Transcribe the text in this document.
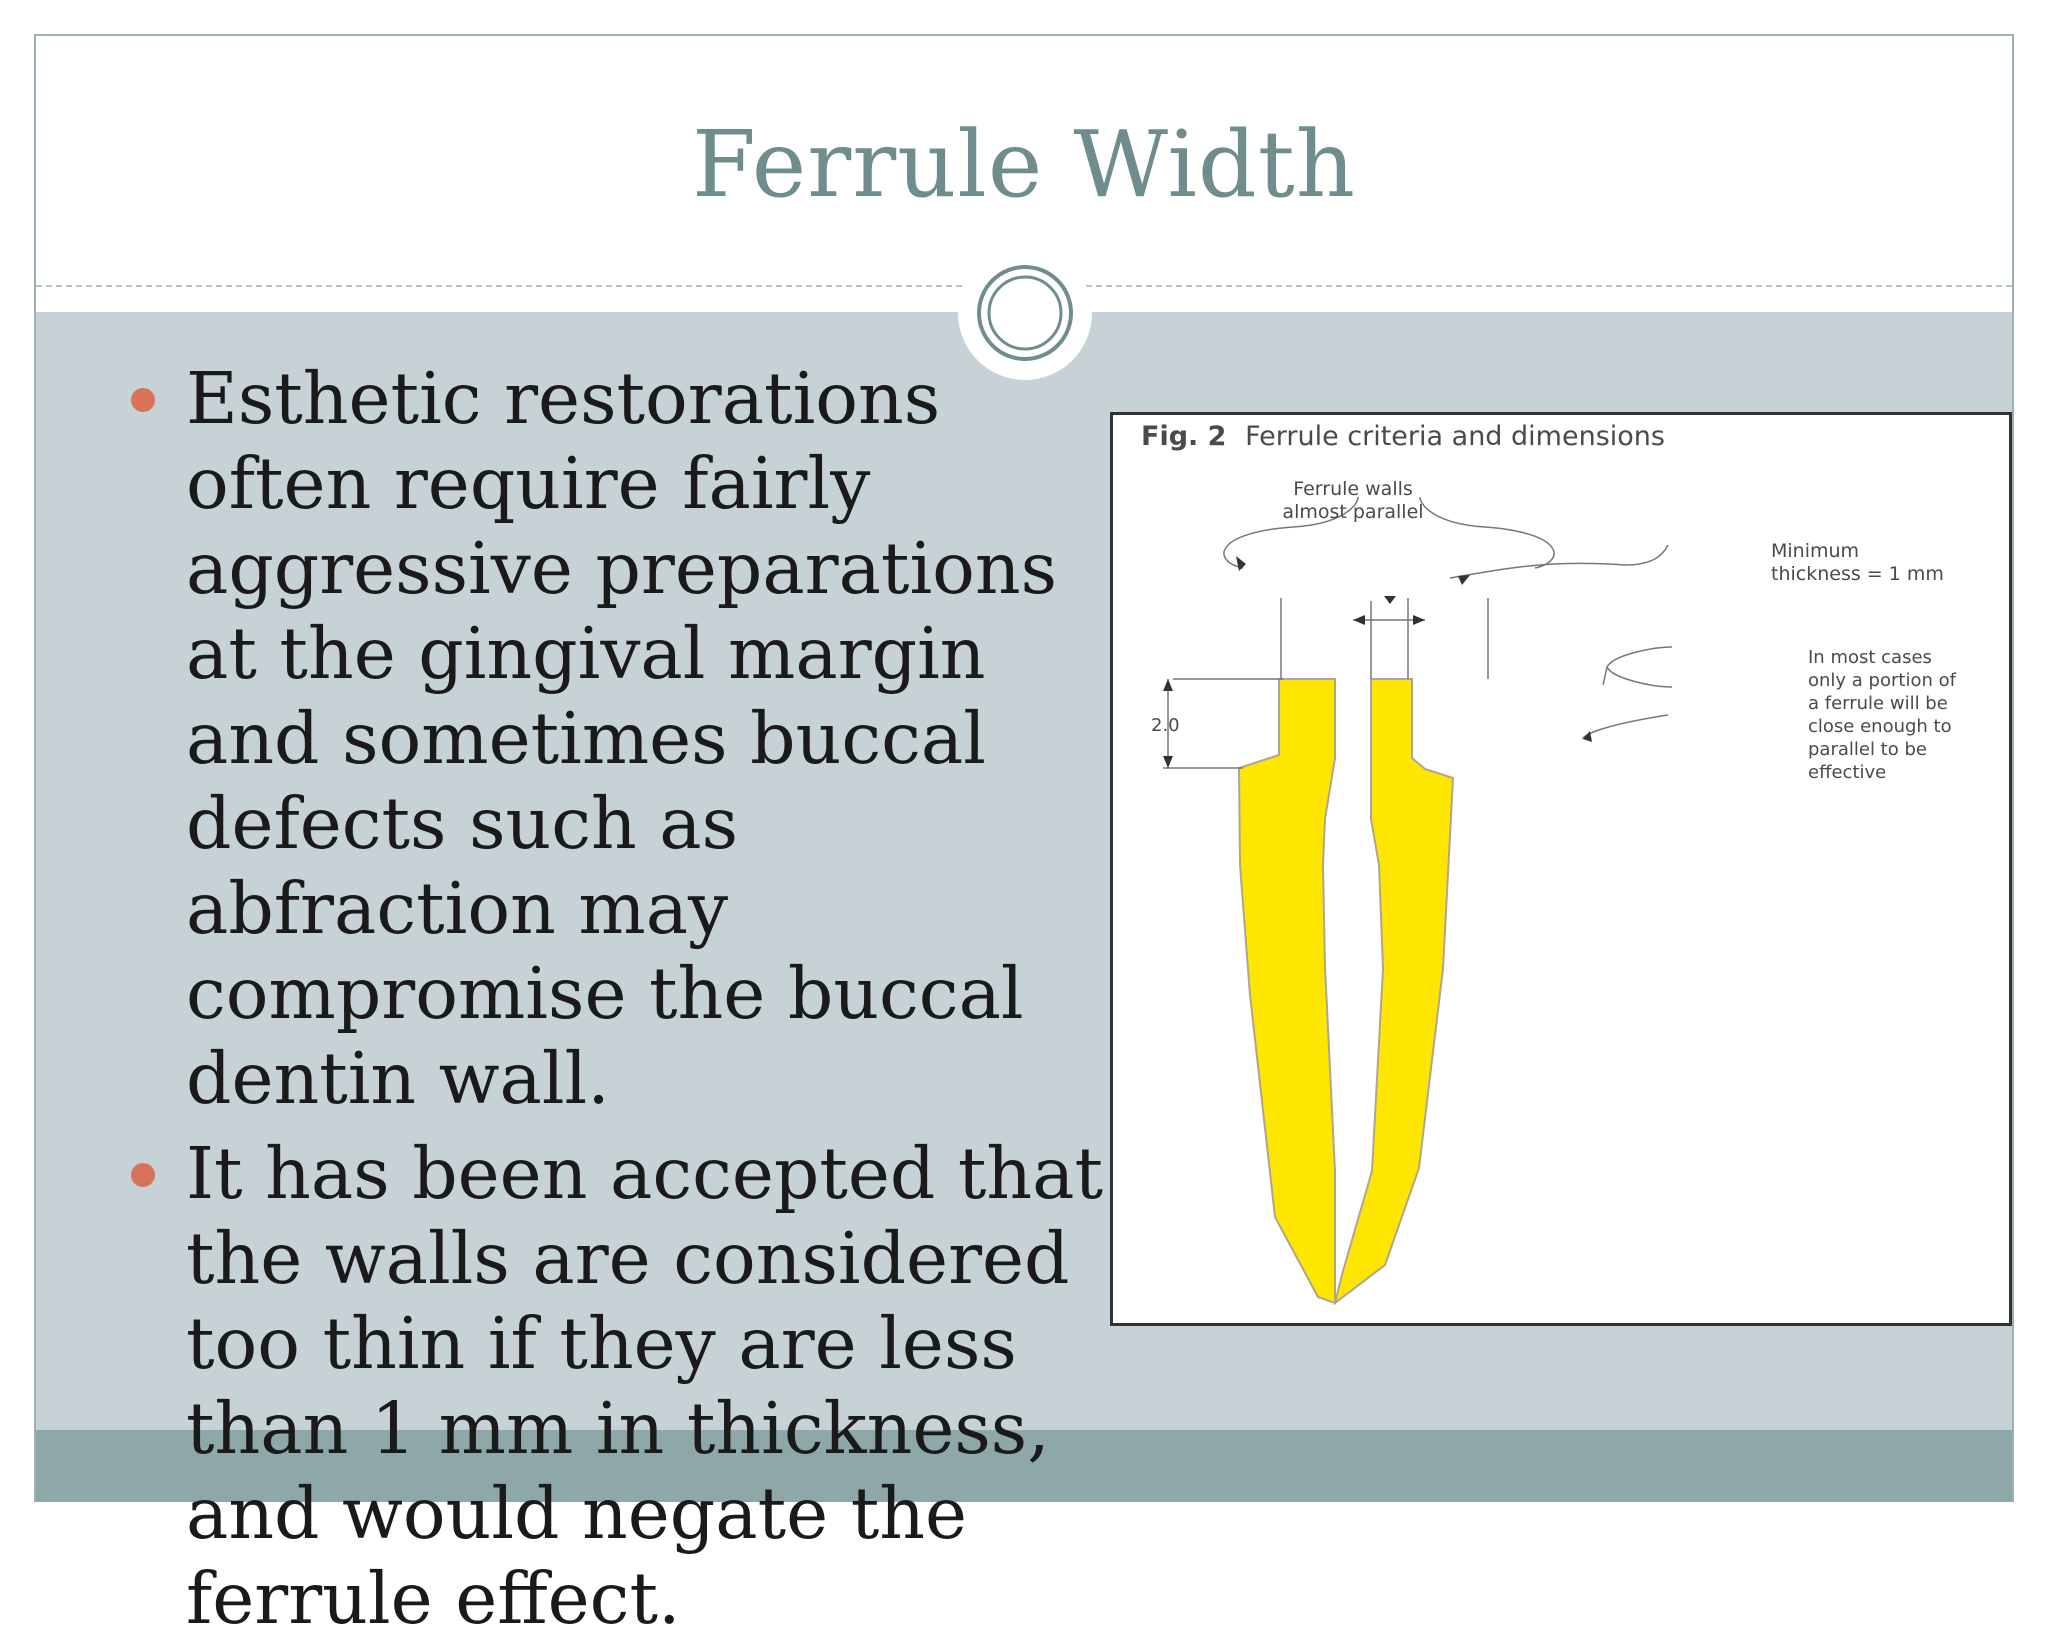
Ferrule Width
Esthetic restorations often require fairly aggressive preparations at the gingival margin and sometimes buccal defects such as abfraction may compromise the buccal dentin wall.
It has been accepted that the walls are considered too thin if they are less than 1 mm in thickness, and would negate the ferrule effect.
Fig. 2 Ferrule criteria and dimensions
Ferrule walls
almost parallel
Minimum
thickness = 1 mm
2.0
In most cases
only a portion of
a ferrule will be
close enough to
parallel to be
effective
